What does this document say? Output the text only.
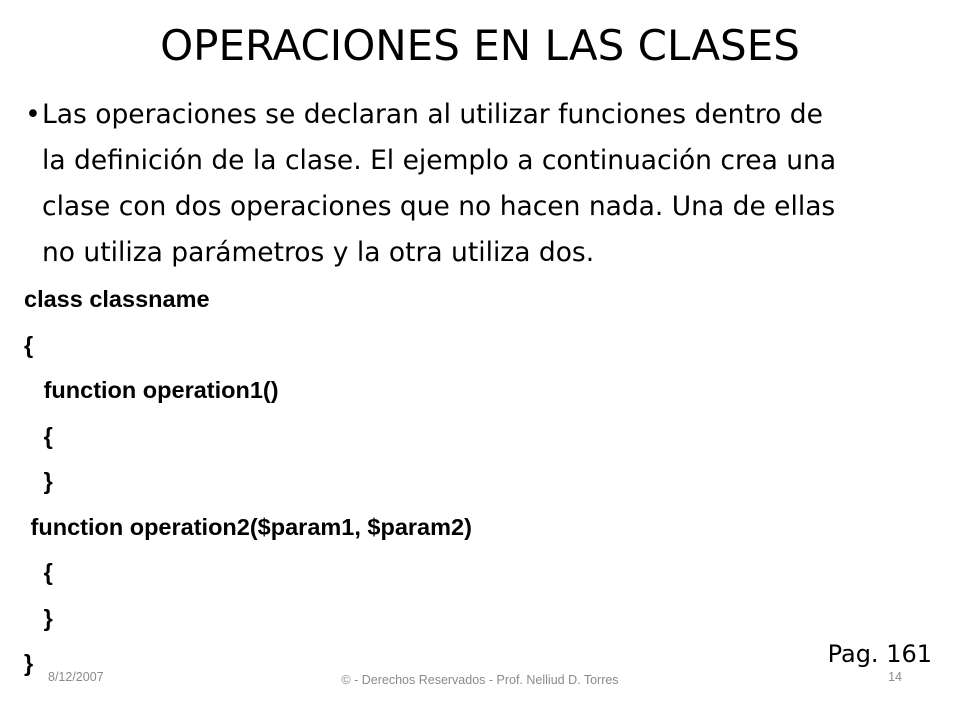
OPERACIONES EN LAS CLASES
• Las operaciones se declaran al utilizar funciones dentro de
la definición de la clase. El ejemplo a continuación crea una
clase con dos operaciones que no hacen nada. Una de ellas
no utiliza parámetros y la otra utiliza dos.
class classname
{
function operation1()
{
}
function operation2($param1, $param2)
{
}
}	Pag. 161
8/12/2007	© - Derechos Reservados - Prof. Nelliud D. Torres	14
